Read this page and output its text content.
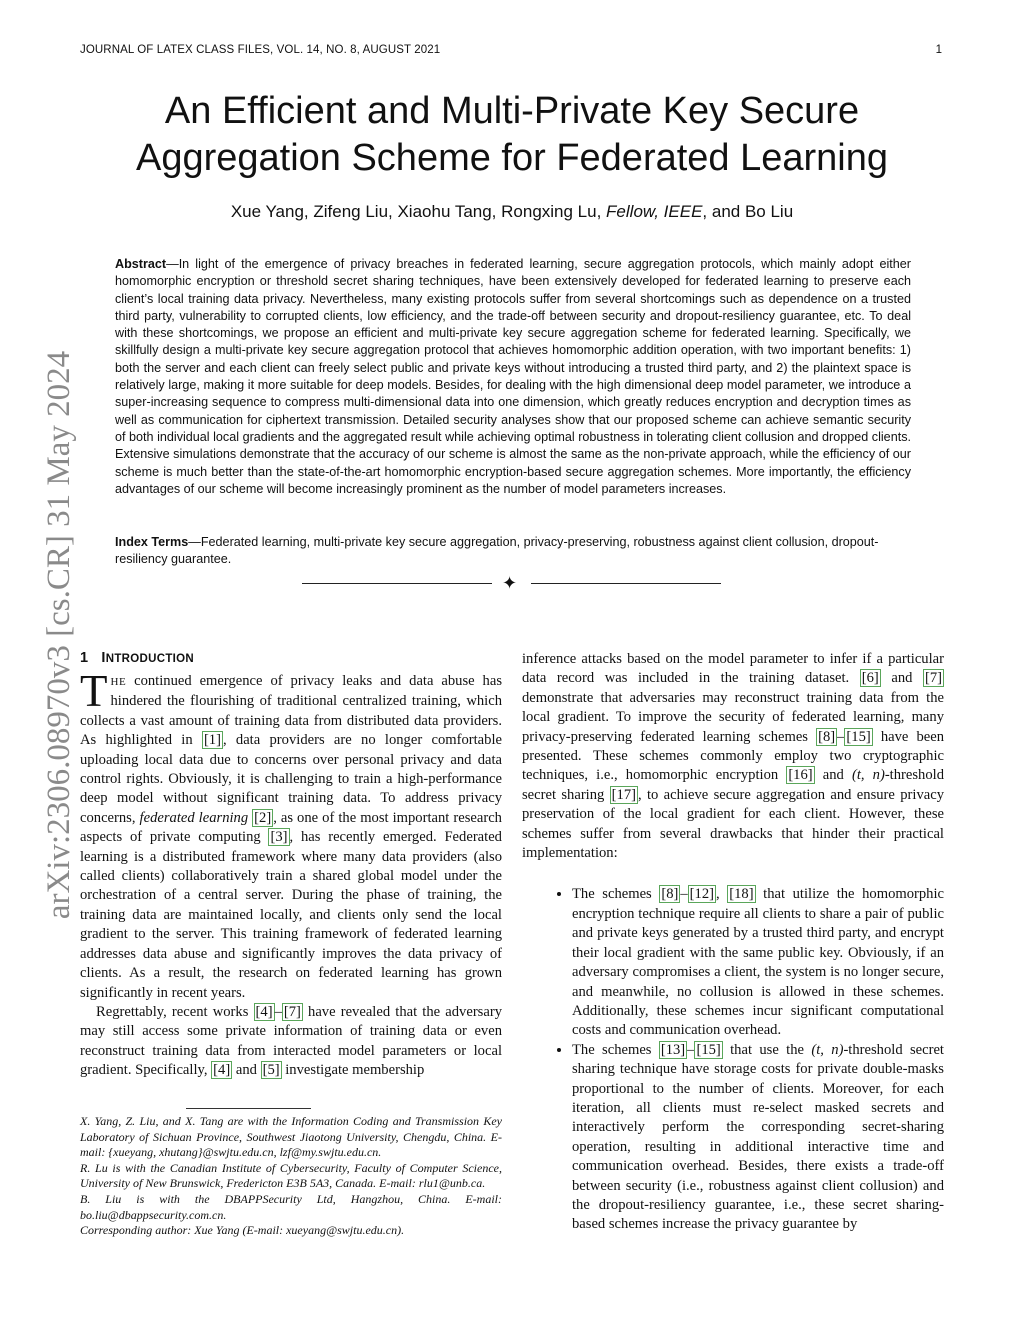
JOURNAL OF LATEX CLASS FILES, VOL. 14, NO. 8, AUGUST 2021	1
arXiv:2306.08970v3 [cs.CR] 31 May 2024
An Efficient and Multi-Private Key Secure
Aggregation Scheme for Federated Learning
Xue Yang, Zifeng Liu, Xiaohu Tang, Rongxing Lu, Fellow, IEEE, and Bo Liu

Abstract—In light of the emergence of privacy breaches in federated learning, secure aggregation protocols, which mainly adopt either homomorphic encryption or threshold secret sharing techniques, have been extensively developed for federated learning to preserve each client’s local training data privacy. Nevertheless, many existing protocols suffer from several shortcomings such as dependence on a trusted third party, vulnerability to corrupted clients, low efficiency, and the trade-off between security and dropout-resiliency guarantee, etc. To deal with these shortcomings, we propose an efficient and multi-private key secure aggregation scheme for federated learning. Specifically, we skillfully design a multi-private key secure aggregation protocol that achieves homomorphic addition operation, with two important benefits: 1) both the server and each client can freely select public and private keys without introducing a trusted third party, and 2) the plaintext space is relatively large, making it more suitable for deep models. Besides, for dealing with the high dimensional deep model parameter, we introduce a super-increasing sequence to compress multi-dimensional data into one dimension, which greatly reduces encryption and decryption times as well as communication for ciphertext transmission. Detailed security analyses show that our proposed scheme can achieve semantic security of both individual local gradients and the aggregated result while achieving optimal robustness in tolerating client collusion and dropped clients. Extensive simulations demonstrate that the accuracy of our scheme is almost the same as the non-private approach, while the efficiency of our scheme is much better than the state-of-the-art homomorphic encryption-based secure aggregation schemes. More importantly, the efficiency advantages of our scheme will become increasingly prominent as the number of model parameters increases.

Index Terms—Federated learning, multi-private key secure aggregation, privacy-preserving, robustness against client collusion, dropout-resiliency guarantee.

✦
1 INTRODUCTION

THE continued emergence of privacy leaks and data abuse has hindered the flourishing of traditional centralized training, which collects a vast amount of training data from distributed data providers. As highlighted in [1] , data providers are no longer comfortable uploading local data due to concerns over personal privacy and data control rights. Obviously, it is challenging to train a high-performance deep model without significant training data. To address privacy concerns, federated learning [2] , as one of the most important research aspects of private computing [3] , has recently emerged. Federated learning is a distributed framework where many data providers (also called clients) collaboratively train a shared global model under the orchestration of a central server. During the phase of training, the training data are maintained locally, and clients only send the local gradient to the server. This training framework of federated learning addresses data abuse and significantly improves the data privacy of clients. As a result, the research on federated learning has grown significantly in recent years.

Regrettably, recent works [4] – [7] have revealed that the adversary may still access some private information of training data or even reconstruct training data from interacted model parameters or local gradient. Specifically, [4] and [5] investigate membership

X. Yang, Z. Liu, and X. Tang are with the Information Coding and Transmission Key Laboratory of Sichuan Province, Southwest Jiaotong University, Chengdu, China. E-mail: {xueyang, xhutang}@swjtu.edu.cn, lzf@my.swjtu.edu.cn.

R. Lu is with the Canadian Institute of Cybersecurity, Faculty of Computer Science, University of New Brunswick, Fredericton E3B 5A3, Canada. E-mail: rlu1@unb.ca.

B. Liu is with the DBAPPSecurity Ltd, Hangzhou, China. E-mail: bo.liu@dbappsecurity.com.cn.

Corresponding author: Xue Yang (E-mail: xueyang@swjtu.edu.cn).

inference attacks based on the model parameter to infer if a particular data record was included in the training dataset. [6] and [7] demonstrate that adversaries may reconstruct training data from the local gradient. To improve the security of federated learning, many privacy-preserving federated learning schemes [8] – [15] have been presented. These schemes commonly employ two cryptographic techniques, i.e., homomorphic encryption [16] and (t, n)-threshold secret sharing [17] , to achieve secure aggregation and ensure privacy preservation of the local gradient for each client. However, these schemes suffer from several drawbacks that hinder their practical implementation:

• The schemes [8] – [12] , [18] that utilize the homomorphic encryption technique require all clients to share a pair of public and private keys generated by a trusted third party, and encrypt their local gradient with the same public key. Obviously, if an adversary compromises a client, the system is no longer secure, and meanwhile, no collusion is allowed in these schemes. Additionally, these schemes incur significant computational costs and communication overhead.
• The schemes [13] – [15] that use the (t, n)-threshold secret sharing technique have storage costs for private double-masks proportional to the number of clients. Moreover, for each iteration, all clients must re-select masked secrets and interactively perform the corresponding secret-sharing operation, resulting in additional interactive time and communication overhead. Besides, there exists a trade-off between security (i.e., robustness against client collusion) and the dropout-resiliency guarantee, i.e., these secret sharing-based schemes increase the privacy guarantee by
